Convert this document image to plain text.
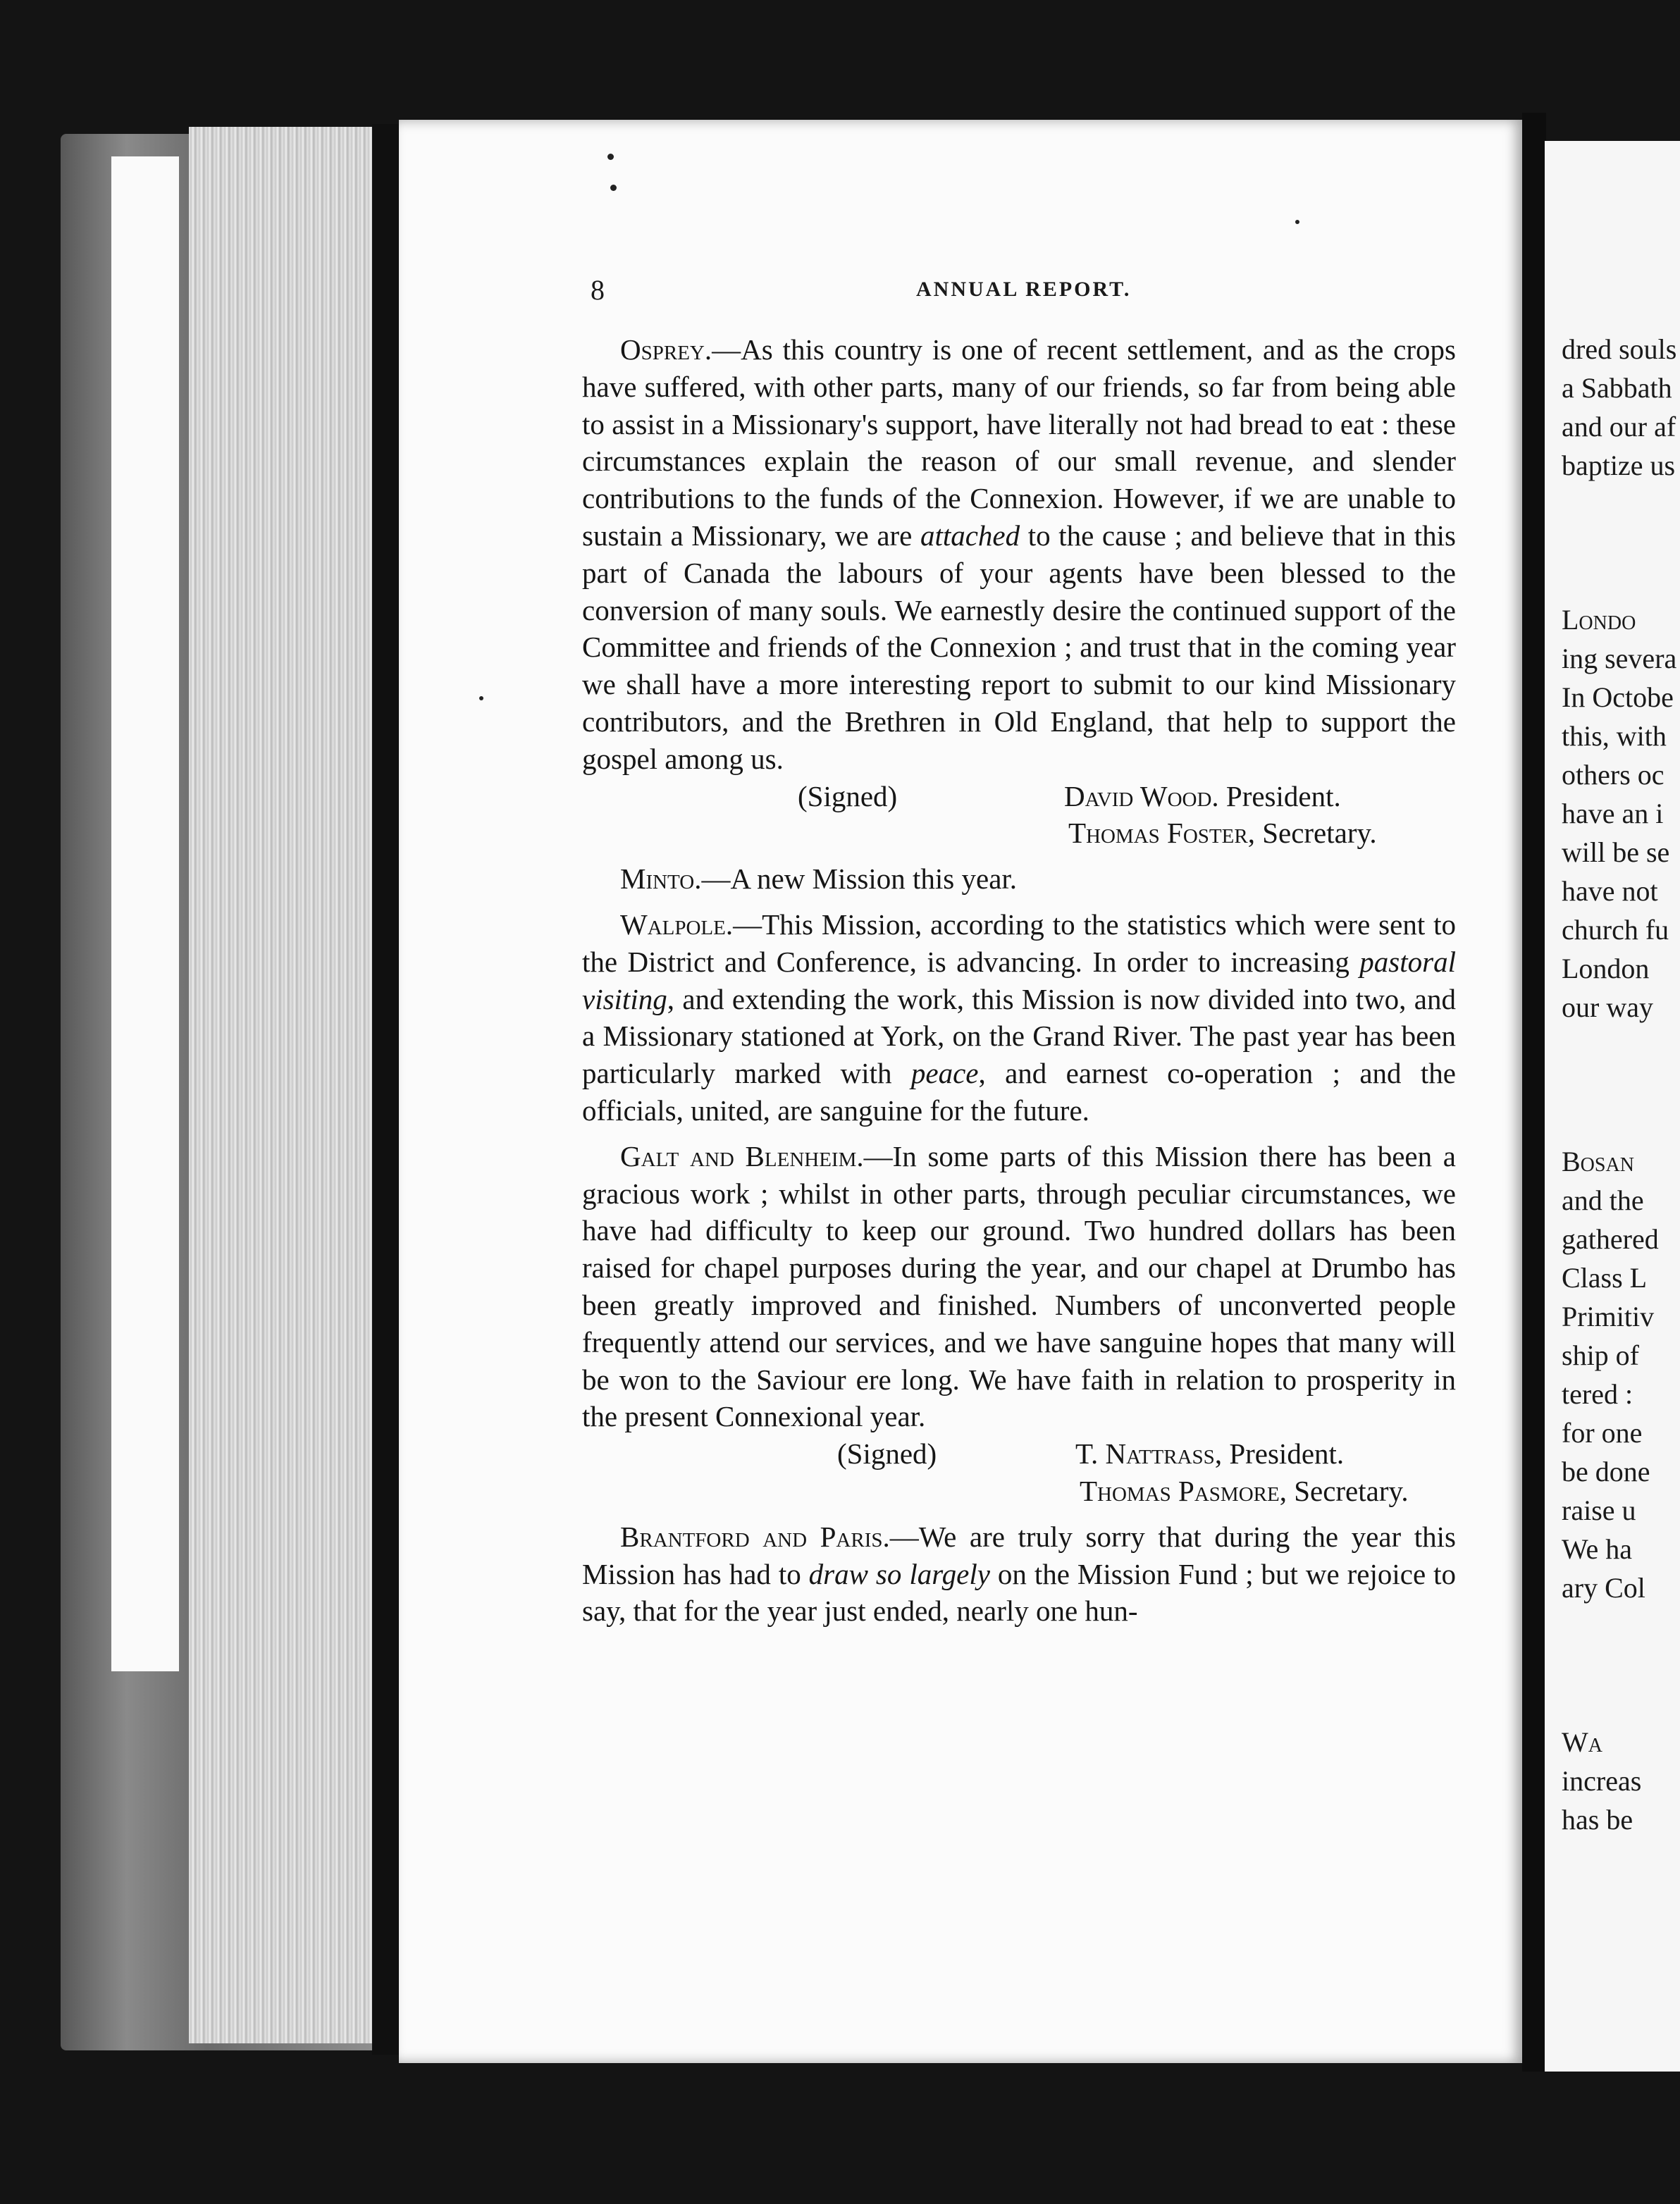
8	ANNUAL REPORT.

Osprey.—As this country is one of recent settlement, and as the crops have suffered, with other parts, many of our friends, so far from being able to assist in a Missionary's support, have literally not had bread to eat : these circumstances explain the reason of our small revenue, and slender contributions to the funds of the Connexion. However, if we are unable to sustain a Missionary, we are attached to the cause ; and believe that in this part of Canada the labours of your agents have been blessed to the conversion of many souls. We earnestly desire the continued support of the Committee and friends of the Connexion ; and trust that in the coming year we shall have a more interesting report to submit to our kind Missionary contributors, and the Brethren in Old England, that help to support the gospel among us.

(Signed)	David Wood. President.
Thomas Foster, Secretary.

Minto.—A new Mission this year.

Walpole.—This Mission, according to the statistics which were sent to the District and Conference, is advancing. In order to increasing pastoral visiting, and extending the work, this Mission is now divided into two, and a Missionary stationed at York, on the Grand River. The past year has been particularly marked with peace, and earnest co-operation ; and the officials, united, are sanguine for the future.

Galt and Blenheim.—In some parts of this Mission there has been a gracious work ; whilst in other parts, through peculiar circumstances, we have had difficulty to keep our ground. Two hundred dollars has been raised for chapel purposes during the year, and our chapel at Drumbo has been greatly improved and finished. Numbers of unconverted people frequently attend our services, and we have sanguine hopes that many will be won to the Saviour ere long. We have faith in relation to prosperity in the present Connexional year.

(Signed)	T. Nattrass, President.
Thomas Pasmore, Secretary.

Brantford and Paris.—We are truly sorry that during the year this Mission has had to draw so largely on the Mission Fund ; but we rejoice to say, that for the year just ended, nearly one hun-

dred souls
a Sabbath
and our af
baptize us
Londo
ing severa
In Octobe
this, with
others oc
have an i
will be se
have not
church fu
London
our way
Bosan
and the
gathered
Class L
Primitiv
ship of
tered :
for one
be done
raise u
We ha
ary Col
Wa
increas
has be
